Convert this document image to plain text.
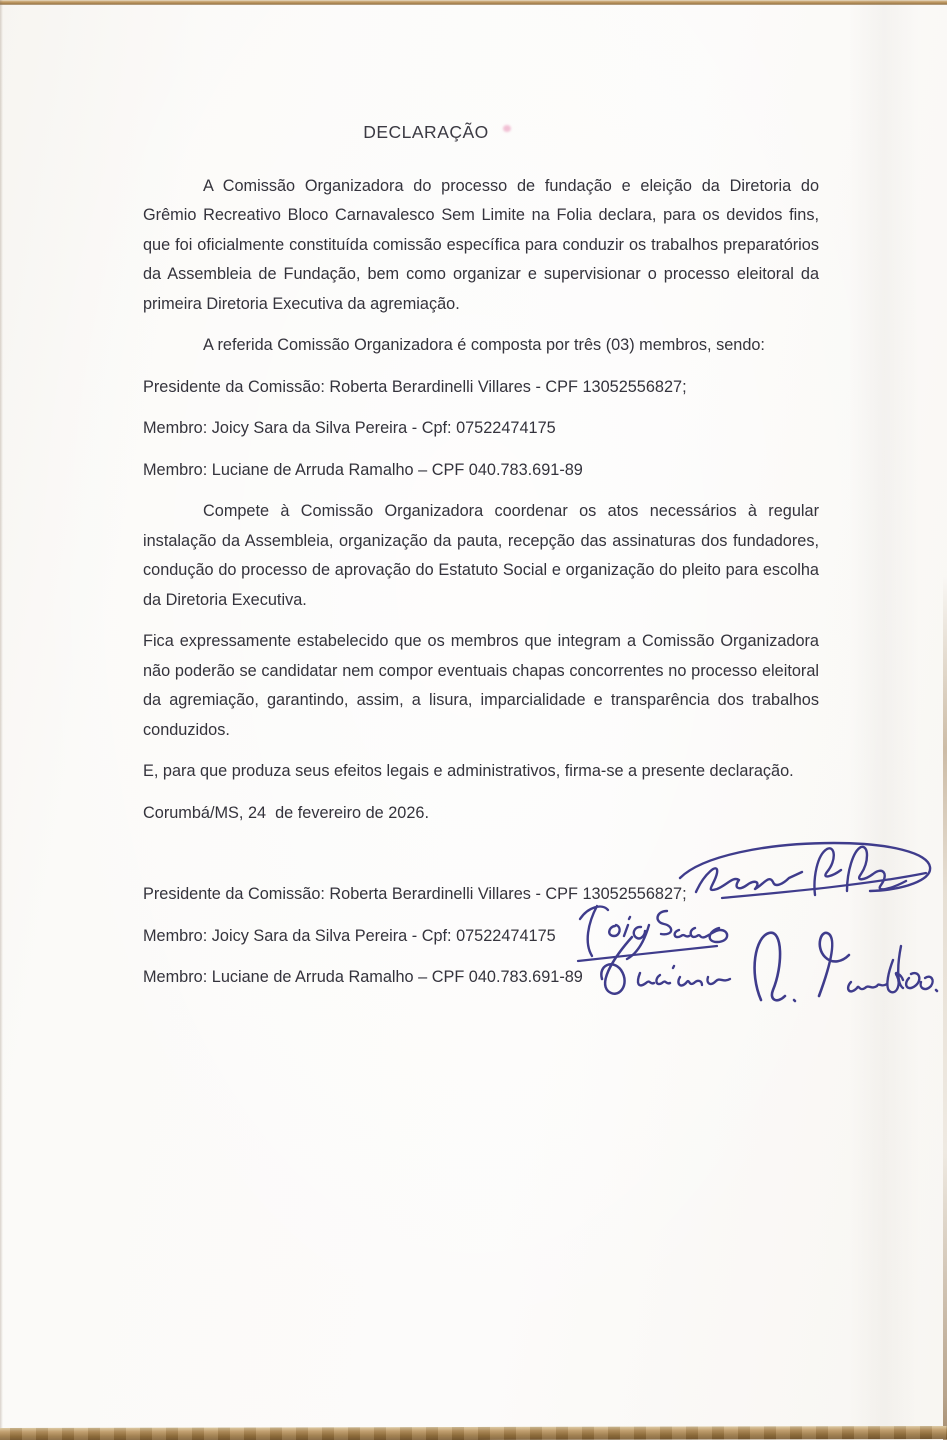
DECLARAÇÃO

A Comissão Organizadora do processo de fundação e eleição da Diretoria do Grêmio Recreativo Bloco Carnavalesco Sem Limite na Folia declara, para os devidos fins, que foi oficialmente constituída comissão específica para conduzir os trabalhos preparatórios da Assembleia de Fundação, bem como organizar e supervisionar o processo eleitoral da primeira Diretoria Executiva da agremiação.

A referida Comissão Organizadora é composta por três (03) membros, sendo:

Presidente da Comissão: Roberta Berardinelli Villares - CPF 13052556827;

Membro: Joicy Sara da Silva Pereira - Cpf: 07522474175

Membro: Luciane de Arruda Ramalho – CPF 040.783.691-89

Compete à Comissão Organizadora coordenar os atos necessários à regular instalação da Assembleia, organização da pauta, recepção das assinaturas dos fundadores, condução do processo de aprovação do Estatuto Social e organização do pleito para escolha da Diretoria Executiva.

Fica expressamente estabelecido que os membros que integram a Comissão Organizadora não poderão se candidatar nem compor eventuais chapas concorrentes no processo eleitoral da agremiação, garantindo, assim, a lisura, imparcialidade e transparência dos trabalhos conduzidos.

E, para que produza seus efeitos legais e administrativos, firma-se a presente declaração.

Corumbá/MS, 24  de fevereiro de 2026.

Presidente da Comissão: Roberta Berardinelli Villares - CPF 13052556827;
Membro: Joicy Sara da Silva Pereira - Cpf: 07522474175
Membro: Luciane de Arruda Ramalho – CPF 040.783.691-89
